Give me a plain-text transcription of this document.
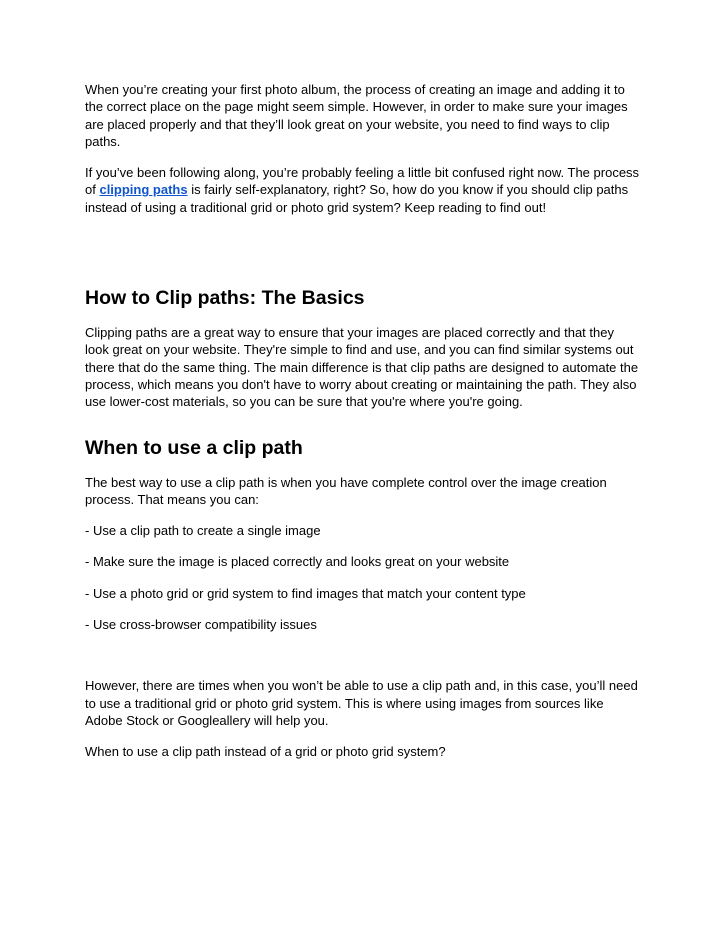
When you’re creating your first photo album, the process of creating an image and adding it to the correct place on the page might seem simple. However, in order to make sure your images are placed properly and that they’ll look great on your website, you need to find ways to clip paths.

If you’ve been following along, you’re probably feeling a little bit confused right now. The process of clipping paths is fairly self-explanatory, right? So, how do you know if you should clip paths instead of using a traditional grid or photo grid system? Keep reading to find out!

How to Clip paths: The Basics

Clipping paths are a great way to ensure that your images are placed correctly and that they look great on your website. They're simple to find and use, and you can find similar systems out there that do the same thing. The main difference is that clip paths are designed to automate the process, which means you don't have to worry about creating or maintaining the path. They also use lower-cost materials, so you can be sure that you're where you're going.

When to use a clip path

The best way to use a clip path is when you have complete control over the image creation process. That means you can:

- Use a clip path to create a single image

- Make sure the image is placed correctly and looks great on your website

- Use a photo grid or grid system to find images that match your content type

- Use cross-browser compatibility issues

However, there are times when you won’t be able to use a clip path and, in this case, you’ll need to use a traditional grid or photo grid system. This is where using images from sources like Adobe Stock or Googleallery will help you.

When to use a clip path instead of a grid or photo grid system?
